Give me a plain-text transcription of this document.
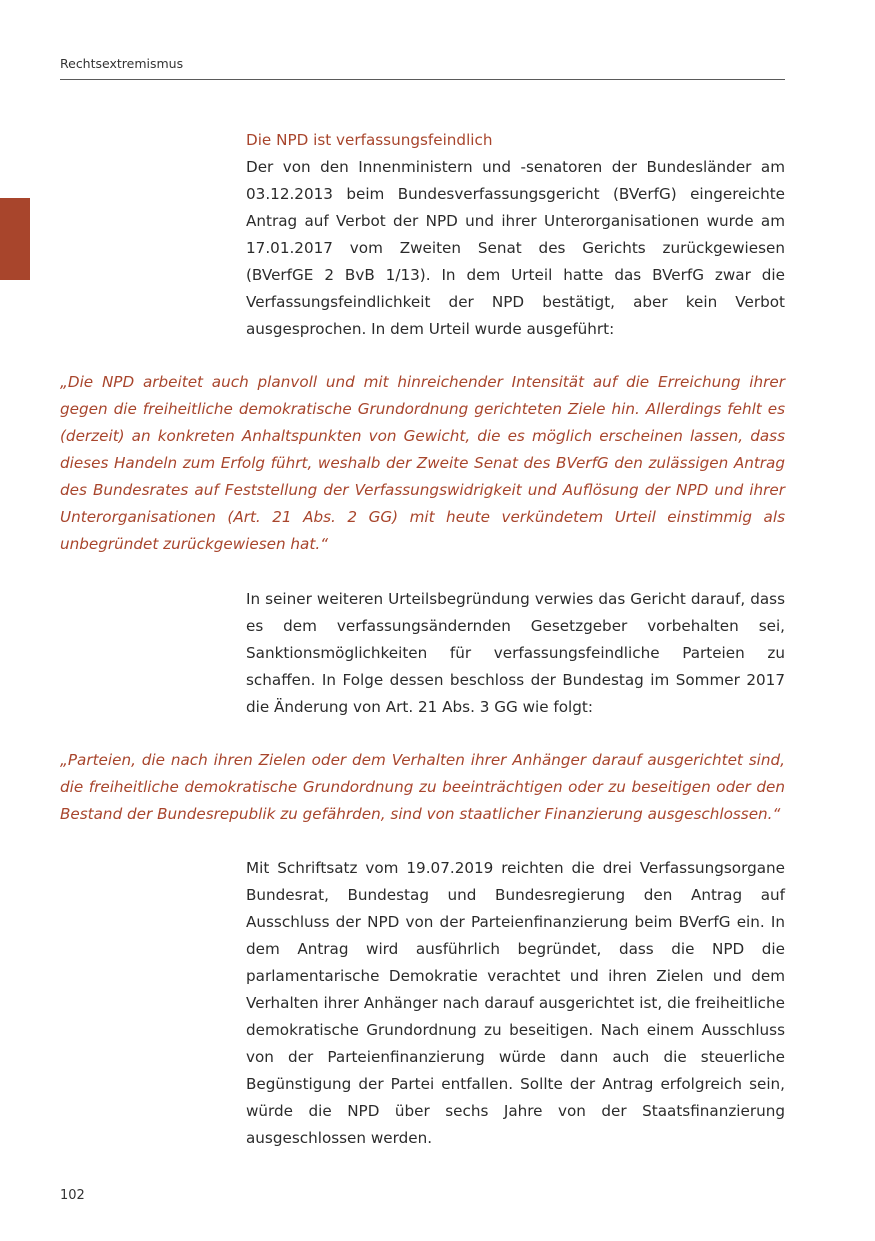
Rechtsextremismus
Die NPD ist verfassungsfeindlich

Der von den Innenministern und -senatoren der Bundesländer am 03.12.2013 beim Bundesverfassungsgericht (BVerfG) eingereichte Antrag auf Verbot der NPD und ihrer Unterorganisationen wurde am 17.01.2017 vom Zweiten Senat des Gerichts zurückgewiesen (BVerfGE 2 BvB 1/13). In dem Urteil hatte das BVerfG zwar die Verfassungsfeindlichkeit der NPD bestätigt, aber kein Verbot ausgesprochen. In dem Urteil wurde ausgeführt:

„Die NPD arbeitet auch planvoll und mit hinreichender Intensität auf die Erreichung ihrer gegen die freiheitliche demokratische Grundordnung gerichteten Ziele hin. Allerdings fehlt es (derzeit) an konkreten Anhaltspunkten von Gewicht, die es möglich erscheinen lassen, dass dieses Handeln zum Erfolg führt, weshalb der Zweite Senat des BVerfG den zulässigen Antrag des Bundesrates auf Feststellung der Verfassungswidrigkeit und Auflösung der NPD und ihrer Unterorganisationen (Art. 21 Abs. 2 GG) mit heute verkündetem Urteil einstimmig als unbegründet zurückgewiesen hat.“

In seiner weiteren Urteilsbegründung verwies das Gericht darauf, dass es dem verfassungsändernden Gesetzgeber vorbehalten sei, Sanktionsmöglichkeiten für verfassungsfeindliche Parteien zu schaffen. In Folge dessen beschloss der Bundestag im Sommer 2017 die Änderung von Art. 21 Abs. 3 GG wie folgt:

„Parteien, die nach ihren Zielen oder dem Verhalten ihrer Anhänger darauf ausgerichtet sind, die freiheitliche demokratische Grundordnung zu beeinträchtigen oder zu beseitigen oder den Bestand der Bundesrepublik zu gefährden, sind von staatlicher Finanzierung ausgeschlossen.“

Mit Schriftsatz vom 19.07.2019 reichten die drei Verfassungsorgane Bundesrat, Bundestag und Bundesregierung den Antrag auf Ausschluss der NPD von der Parteienfinanzierung beim BVerfG ein. In dem Antrag wird ausführlich begründet, dass die NPD die parlamentarische Demokratie verachtet und ihren Zielen und dem Verhalten ihrer Anhänger nach darauf ausgerichtet ist, die freiheitliche demokratische Grundordnung zu beseitigen. Nach einem Ausschluss von der Parteienfinanzierung würde dann auch die steuerliche Begünstigung der Partei entfallen. Sollte der Antrag erfolgreich sein, würde die NPD über sechs Jahre von der Staatsfinanzierung ausgeschlossen werden.

102
